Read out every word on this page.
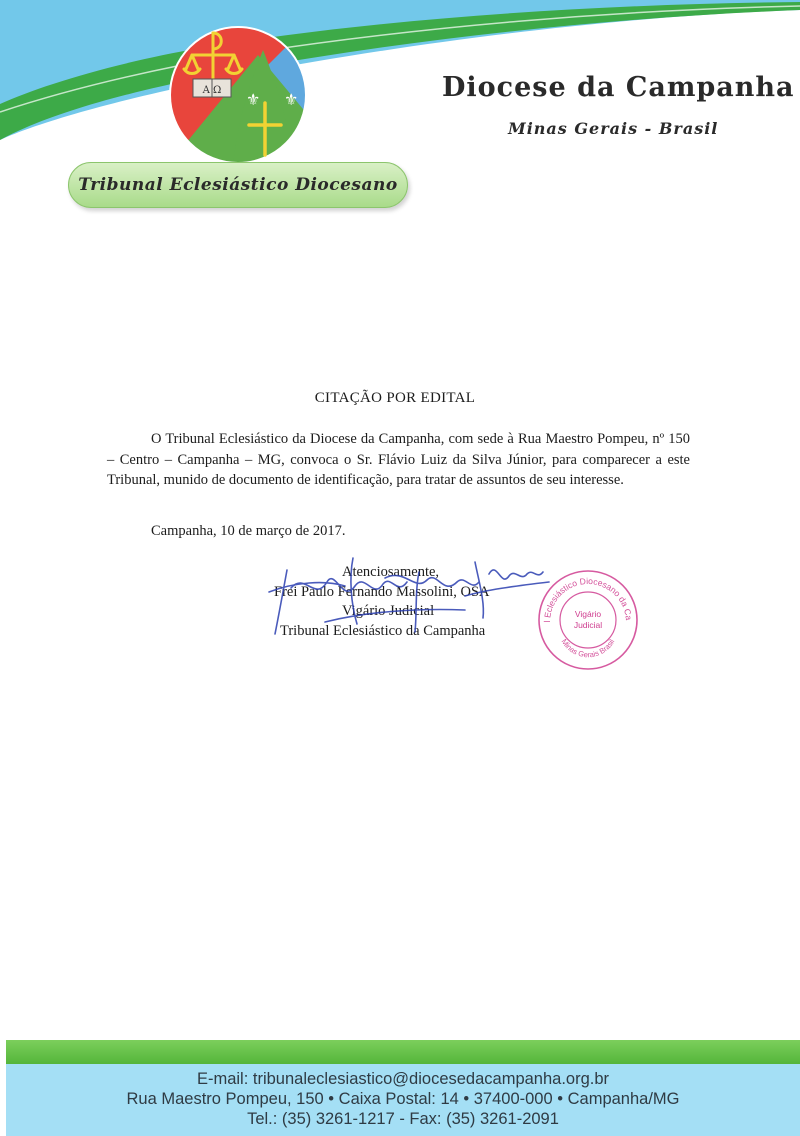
A Ω ⚜ ⚜	Diocese da Campanha
Minas Gerais - Brasil
Tribunal Eclesiástico Diocesano
CITAÇÃO POR EDITAL

O Tribunal Eclesiástico da Diocese da Campanha, com sede à Rua Maestro Pompeu, nº 150 – Centro – Campanha – MG, convoca o Sr. Flávio Luiz da Silva Júnior, para comparecer a este Tribunal, munido de documento de identificação, para tratar de assuntos de seu interesse.

Campanha, 10 de março de 2017.
Atenciosamente,
Frei Paulo Fernando Massolini, OSA
Vigário Judicial
Tribunal Eclesiástico da Campanha
l Eclesiástico Diocesano da Ca
Minas Gerais Brasil
Vigário
Judicial
E-mail: tribunaleclesiastico@diocesedacampanha.org.br
Rua Maestro Pompeu, 150 • Caixa Postal: 14 • 37400-000 • Campanha/MG
Tel.: (35) 3261-1217 - Fax: (35) 3261-2091
